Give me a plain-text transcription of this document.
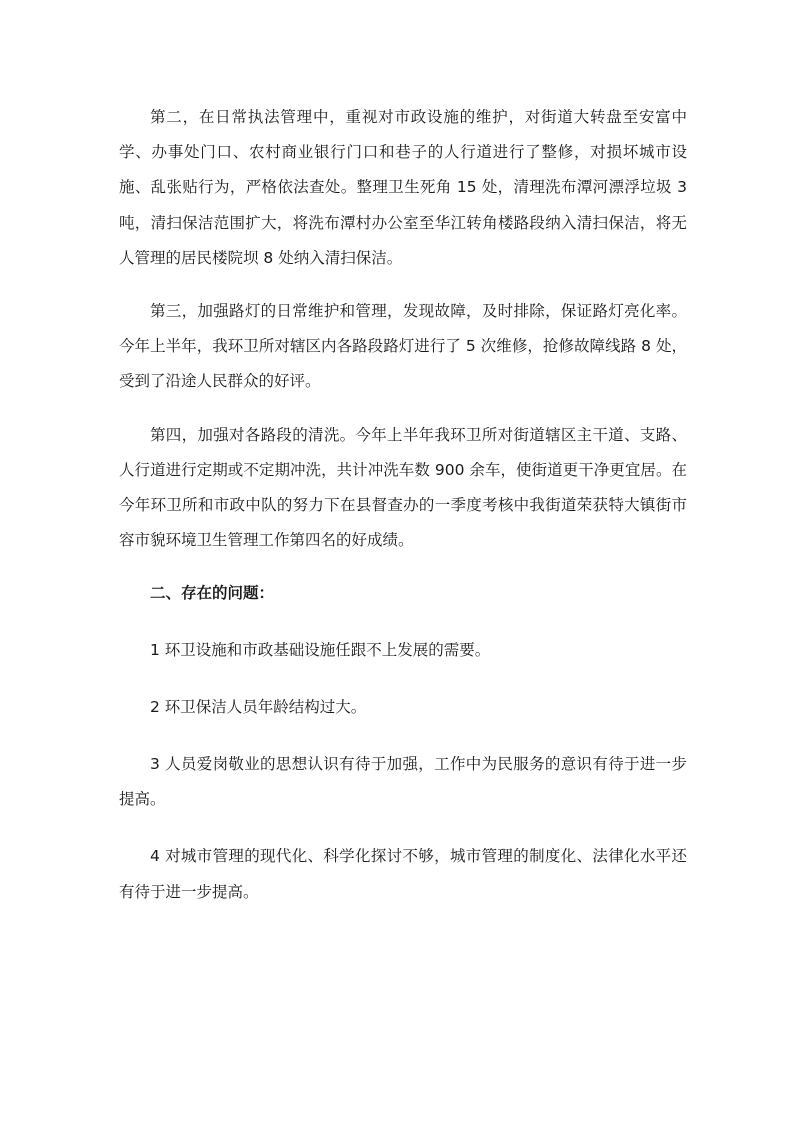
第二，在日常执法管理中，重视对市政设施的维护，对街道大转盘至安富中学、办事处门口、农村商业银行门口和巷子的人行道进行了整修，对损坏城市设施、乱张贴行为，严格依法查处。整理卫生死角 15 处，清理洗布潭河漂浮垃圾 3 吨，清扫保洁范围扩大，将洗布潭村办公室至华江转角楼路段纳入清扫保洁，将无人管理的居民楼院坝 8 处纳入清扫保洁。

第三，加强路灯的日常维护和管理，发现故障，及时排除，保证路灯亮化率。今年上半年，我环卫所对辖区内各路段路灯进行了 5 次维修，抢修故障线路 8 处，受到了沿途人民群众的好评。

第四，加强对各路段的清洗。今年上半年我环卫所对街道辖区主干道、支路、人行道进行定期或不定期冲洗，共计冲洗车数 900 余车，使街道更干净更宜居。在今年环卫所和市政中队的努力下在县督查办的一季度考核中我街道荣获特大镇街市容市貌环境卫生管理工作第四名的好成绩。

二、存在的问题：

1 环卫设施和市政基础设施任跟不上发展的需要。

2 环卫保洁人员年龄结构过大。

3 人员爱岗敬业的思想认识有待于加强，工作中为民服务的意识有待于进一步提高。

4 对城市管理的现代化、科学化探讨不够，城市管理的制度化、法律化水平还有待于进一步提高。
